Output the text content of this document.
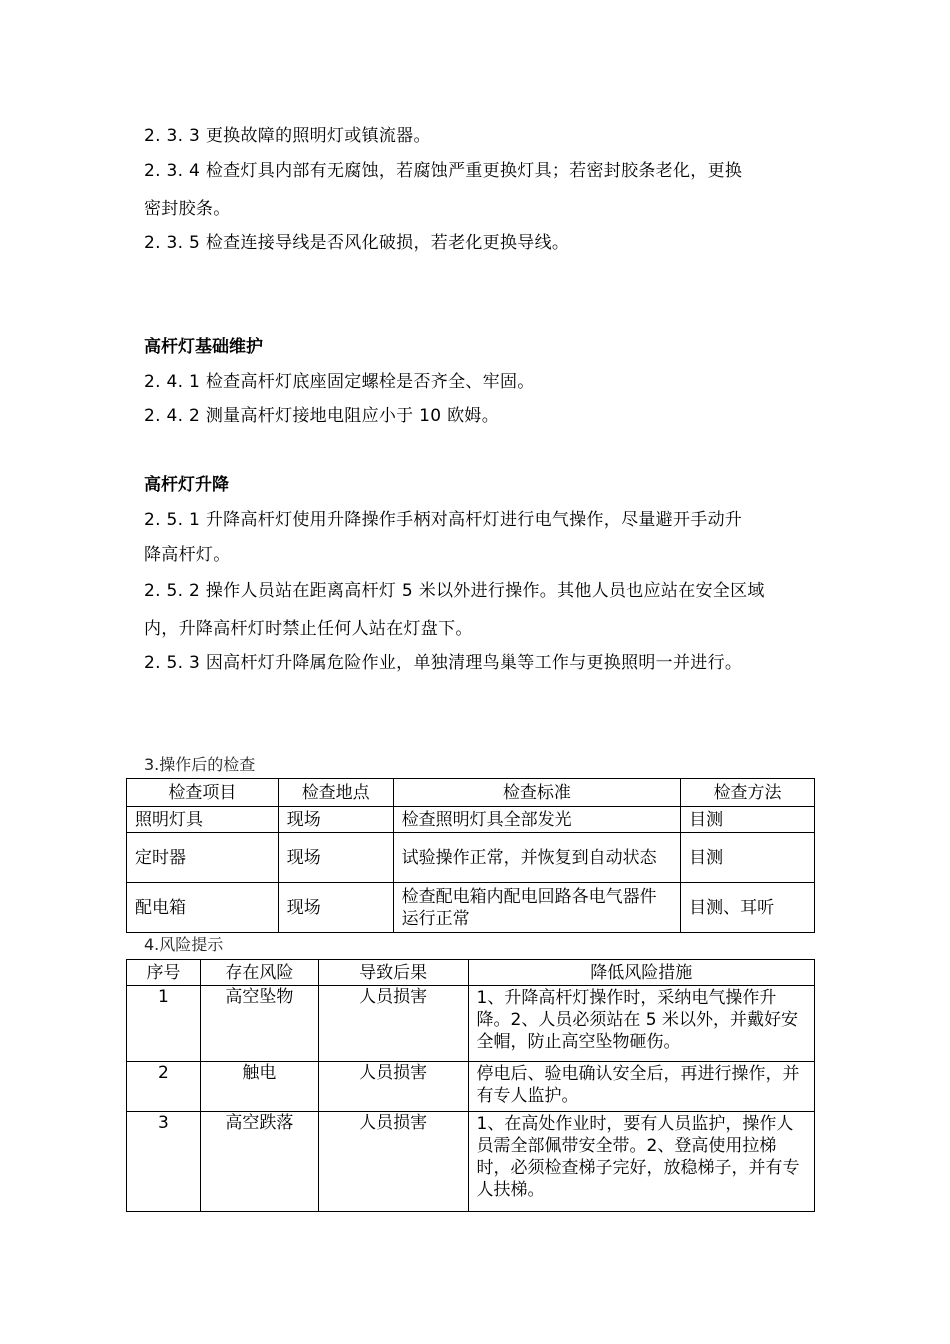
2. 3. 3 更换故障的照明灯或镇流器。
2. 3. 4 检查灯具内部有无腐蚀，若腐蚀严重更换灯具；若密封胶条老化，更换
密封胶条。
2. 3. 5 检查连接导线是否风化破损，若老化更换导线。
高杆灯基础维护
2. 4. 1 检查高杆灯底座固定螺栓是否齐全、牢固。
2. 4. 2 测量高杆灯接地电阻应小于 10 欧姆。
高杆灯升降
2. 5. 1 升降高杆灯使用升降操作手柄对高杆灯进行电气操作，尽量避开手动升
降高杆灯。
2. 5. 2 操作人员站在距离高杆灯 5 米以外进行操作。其他人员也应站在安全区域
内，升降高杆灯时禁止任何人站在灯盘下。
2. 5. 3 因高杆灯升降属危险作业，单独清理鸟巢等工作与更换照明一并进行。
3.操作后的检查
检查项目	检查地点	检查标准	检查方法
照明灯具	现场	检查照明灯具全部发光	目测
定时器	现场	试验操作正常，并恢复到自动状态	目测
配电箱	现场	检查配电箱内配电回路各电气器件运行正常	目测、耳听
4.风险提示
序号	存在风险	导致后果	降低风险措施
1	高空坠物	人员损害	1、升降高杆灯操作时，采纳电气操作升降。2、人员必须站在 5 米以外，并戴好安全帽，防止高空坠物砸伤。
2	触电	人员损害	停电后、验电确认安全后，再进行操作，并有专人监护。
3	高空跌落	人员损害	1、在高处作业时，要有人员监护，操作人员需全部佩带安全带。2、登高使用拉梯时，必须检查梯子完好，放稳梯子，并有专人扶梯。
